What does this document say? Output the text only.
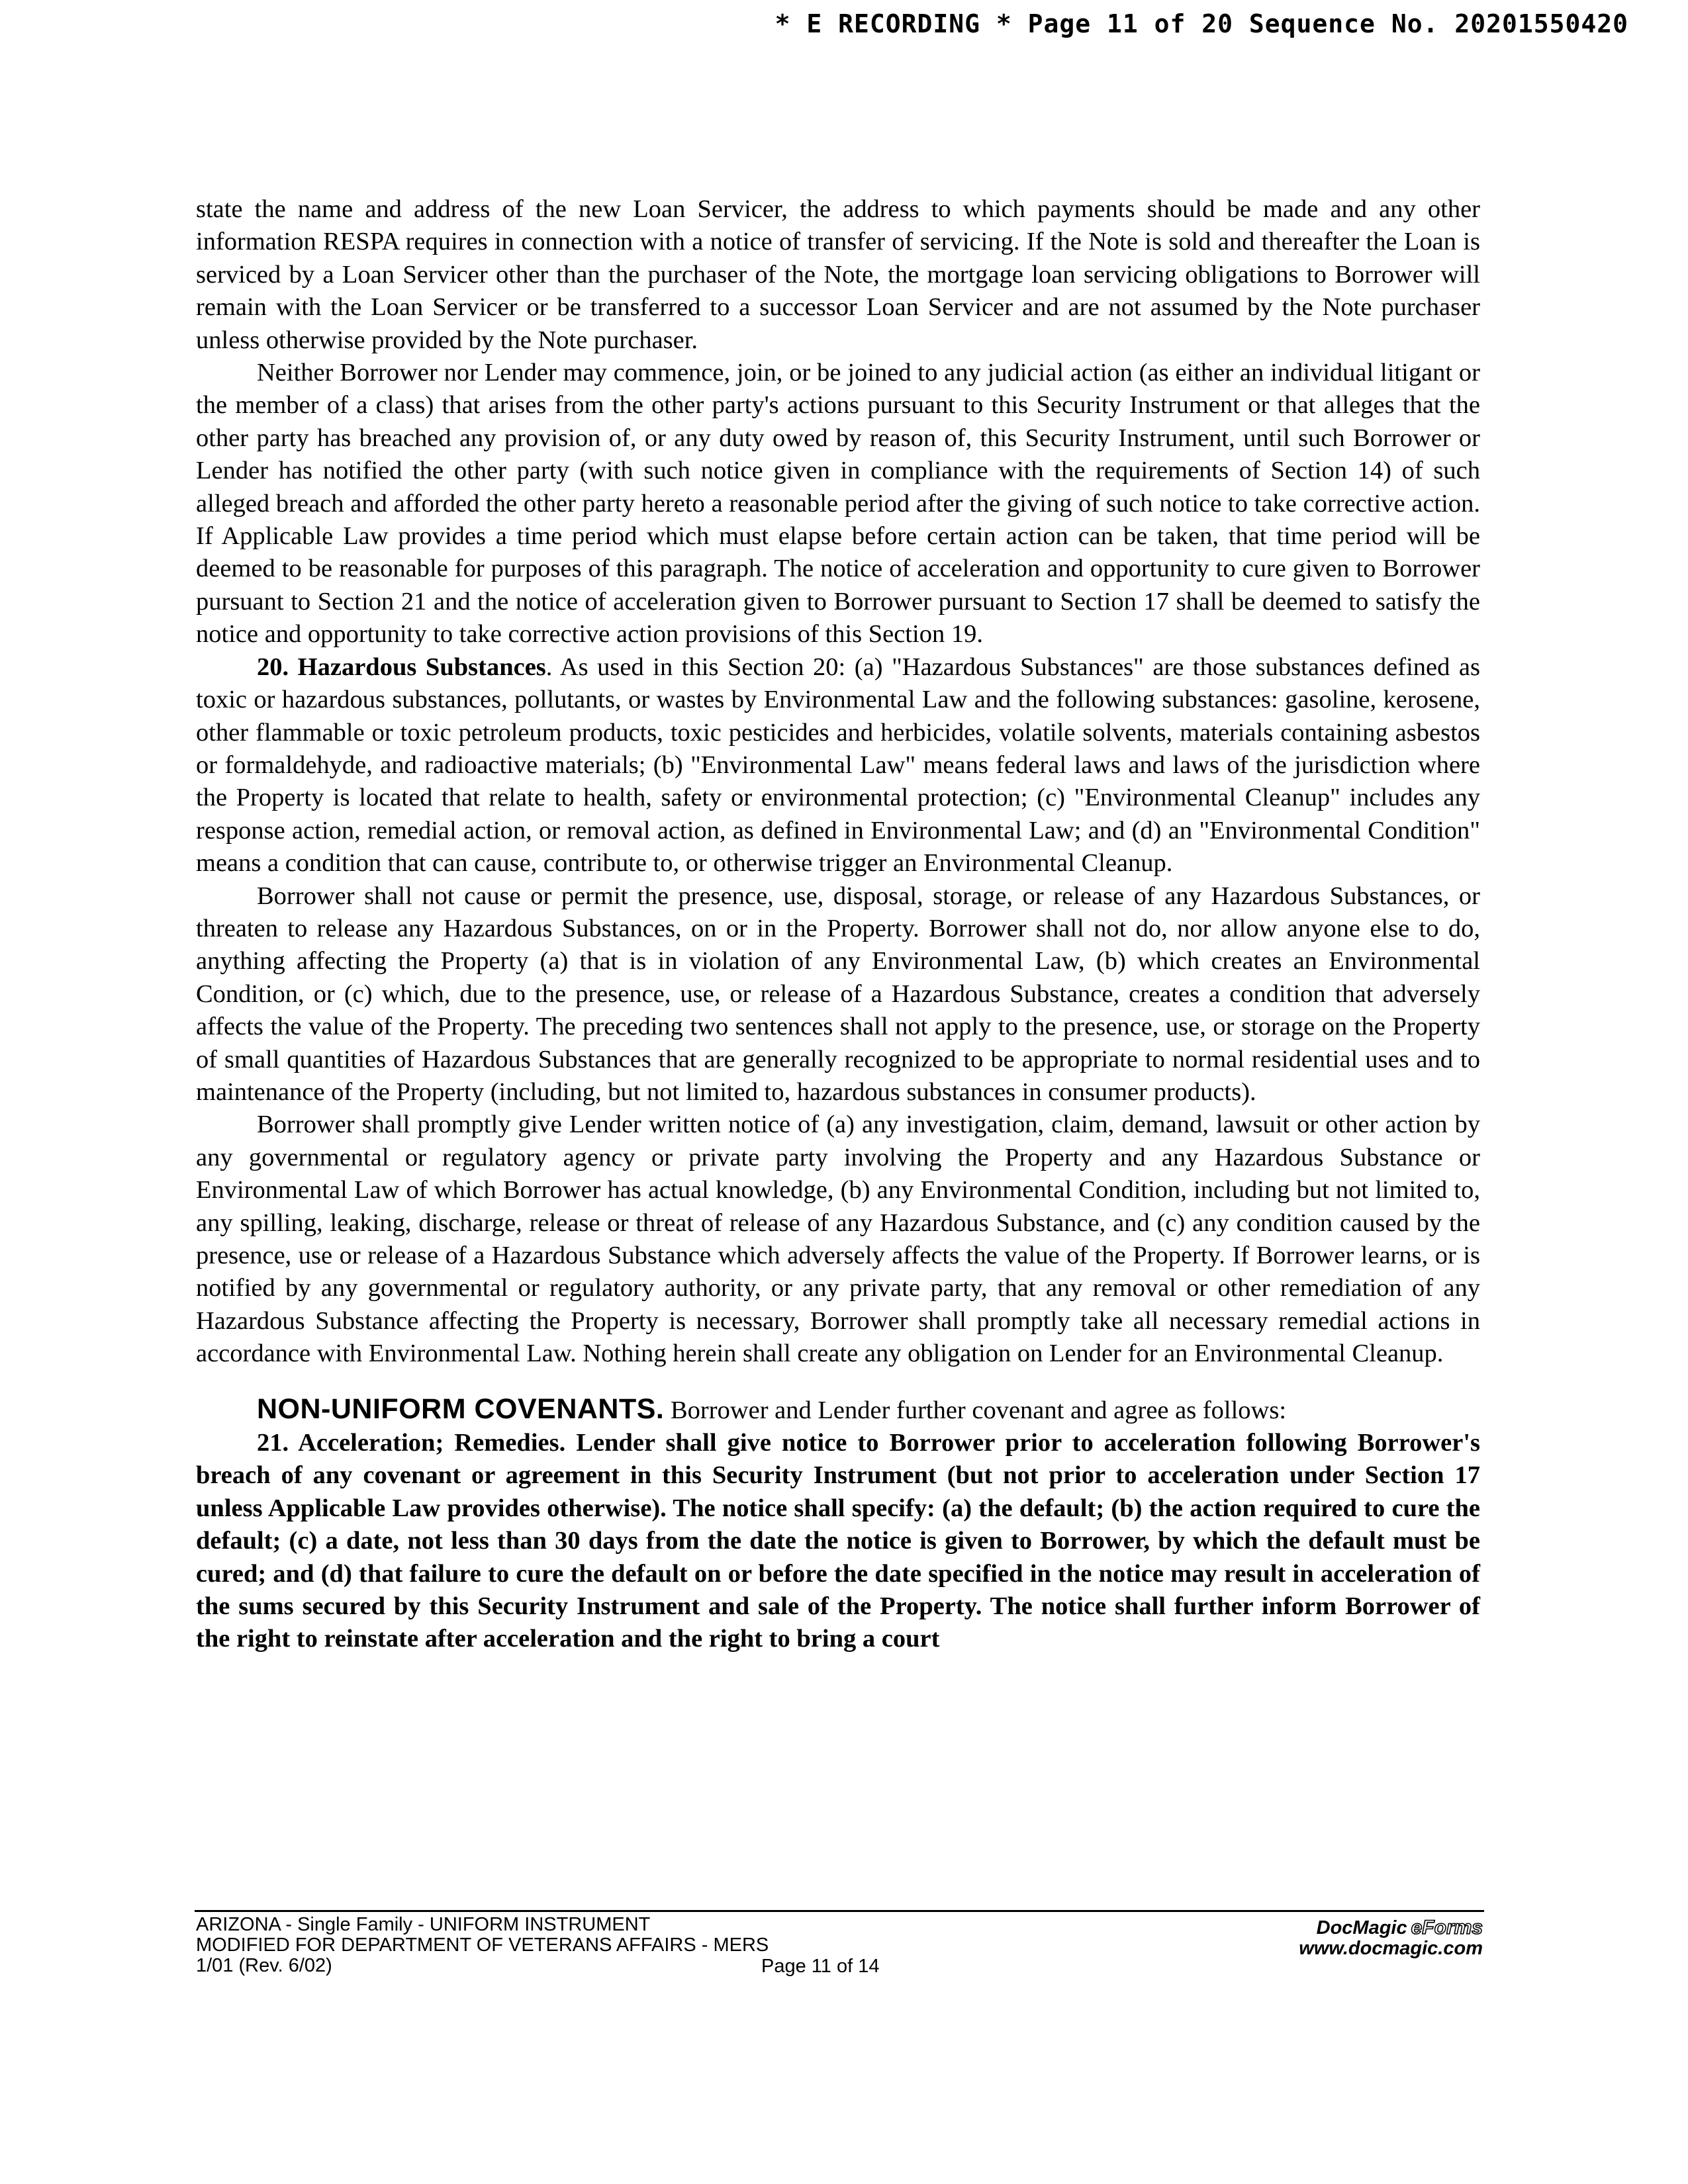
* E RECORDING * Page 11 of 20 Sequence No. 20201550420

state the name and address of the new Loan Servicer, the address to which payments should be made and any other information RESPA requires in connection with a notice of transfer of servicing. If the Note is sold and thereafter the Loan is serviced by a Loan Servicer other than the purchaser of the Note, the mortgage loan servicing obligations to Borrower will remain with the Loan Servicer or be transferred to a successor Loan Servicer and are not assumed by the Note purchaser unless otherwise provided by the Note purchaser.

Neither Borrower nor Lender may commence, join, or be joined to any judicial action (as either an individual litigant or the member of a class) that arises from the other party's actions pursuant to this Security Instrument or that alleges that the other party has breached any provision of, or any duty owed by reason of, this Security Instrument, until such Borrower or Lender has notified the other party (with such notice given in compliance with the requirements of Section 14) of such alleged breach and afforded the other party hereto a reasonable period after the giving of such notice to take corrective action. If Applicable Law provides a time period which must elapse before certain action can be taken, that time period will be deemed to be reasonable for purposes of this paragraph. The notice of acceleration and opportunity to cure given to Borrower pursuant to Section 21 and the notice of acceleration given to Borrower pursuant to Section 17 shall be deemed to satisfy the notice and opportunity to take corrective action provisions of this Section 19.

20. Hazardous Substances. As used in this Section 20: (a) "Hazardous Substances" are those substances defined as toxic or hazardous substances, pollutants, or wastes by Environmental Law and the following substances: gasoline, kerosene, other flammable or toxic petroleum products, toxic pesticides and herbicides, volatile solvents, materials containing asbestos or formaldehyde, and radioactive materials; (b) "Environmental Law" means federal laws and laws of the jurisdiction where the Property is located that relate to health, safety or environmental protection; (c) "Environmental Cleanup" includes any response action, remedial action, or removal action, as defined in Environmental Law; and (d) an "Environmental Condition" means a condition that can cause, contribute to, or otherwise trigger an Environmental Cleanup.

Borrower shall not cause or permit the presence, use, disposal, storage, or release of any Hazardous Substances, or threaten to release any Hazardous Substances, on or in the Property. Borrower shall not do, nor allow anyone else to do, anything affecting the Property (a) that is in violation of any Environmental Law, (b) which creates an Environmental Condition, or (c) which, due to the presence, use, or release of a Hazardous Substance, creates a condition that adversely affects the value of the Property. The preceding two sentences shall not apply to the presence, use, or storage on the Property of small quantities of Hazardous Substances that are generally recognized to be appropriate to normal residential uses and to maintenance of the Property (including, but not limited to, hazardous substances in consumer products).

Borrower shall promptly give Lender written notice of (a) any investigation, claim, demand, lawsuit or other action by any governmental or regulatory agency or private party involving the Property and any Hazardous Substance or Environmental Law of which Borrower has actual knowledge, (b) any Environmental Condition, including but not limited to, any spilling, leaking, discharge, release or threat of release of any Hazardous Substance, and (c) any condition caused by the presence, use or release of a Hazardous Substance which adversely affects the value of the Property. If Borrower learns, or is notified by any governmental or regulatory authority, or any private party, that any removal or other remediation of any Hazardous Substance affecting the Property is necessary, Borrower shall promptly take all necessary remedial actions in accordance with Environmental Law. Nothing herein shall create any obligation on Lender for an Environmental Cleanup.

NON-UNIFORM COVENANTS. Borrower and Lender further covenant and agree as follows:

21. Acceleration; Remedies. Lender shall give notice to Borrower prior to acceleration following Borrower's breach of any covenant or agreement in this Security Instrument (but not prior to acceleration under Section 17 unless Applicable Law provides otherwise). The notice shall specify: (a) the default; (b) the action required to cure the default; (c) a date, not less than 30 days from the date the notice is given to Borrower, by which the default must be cured; and (d) that failure to cure the default on or before the date specified in the notice may result in acceleration of the sums secured by this Security Instrument and sale of the Property. The notice shall further inform Borrower of the right to reinstate after acceleration and the right to bring a court

ARIZONA - Single Family - UNIFORM INSTRUMENT
MODIFIED FOR DEPARTMENT OF VETERANS AFFAIRS - MERS
1/01 (Rev. 6/02)	Page 11 of 14
DocMagic eForms
www.docmagic.com
